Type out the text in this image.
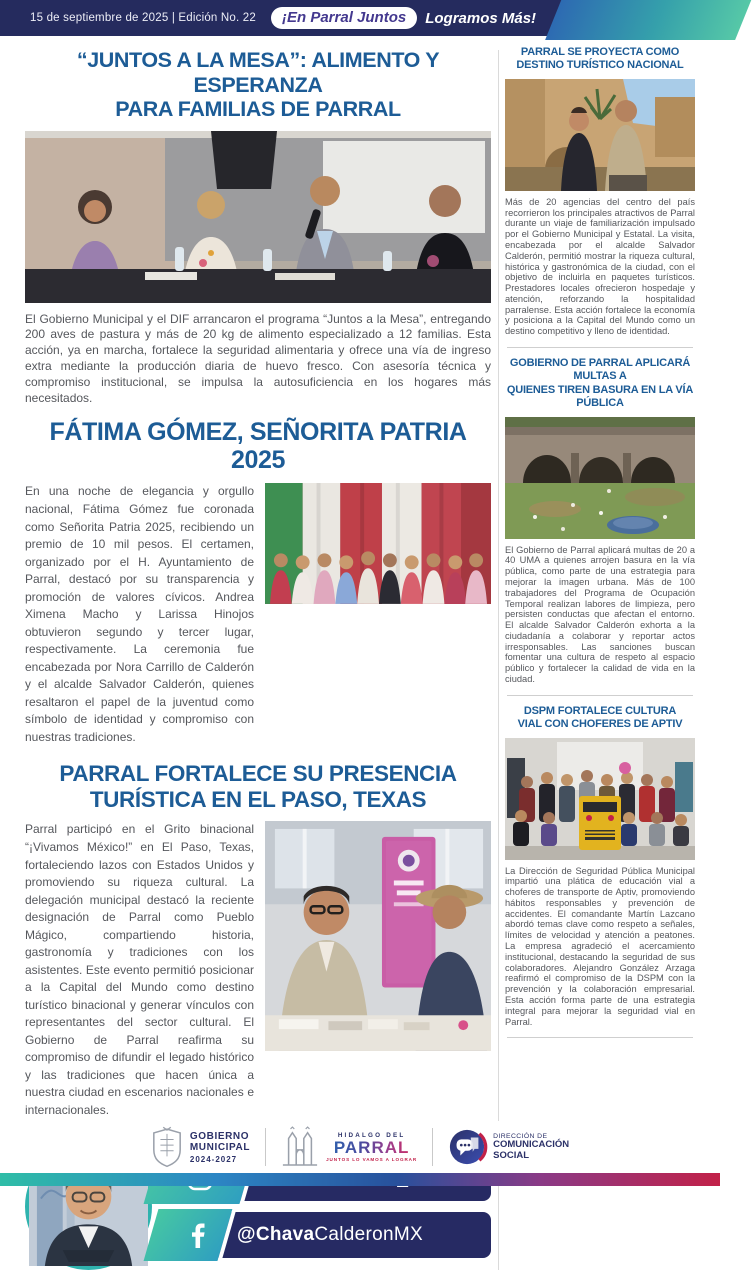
15 de septiembre de 2025 | Edición No. 22	¡En Parral Juntos	Logramos Más!
“JUNTOS A LA MESA”: ALIMENTO Y ESPERANZA
PARA FAMILIAS DE PARRAL

El Gobierno Municipal y el DIF arrancaron el programa “Juntos a la Mesa”, entregando 200 aves de pastura y más de 20 kg de alimento especializado a 12 familias. Esta acción, ya en marcha, fortalece la seguridad alimentaria y ofrece una vía de ingreso extra mediante la producción diaria de huevo fresco. Con asesoría técnica y compromiso institucional, se impulsa la autosuficiencia en los hogares más necesitados.

FÁTIMA GÓMEZ, SEÑORITA PATRIA 2025

En una noche de elegancia y orgullo nacional, Fátima Gómez fue coronada como Señorita Patria 2025, recibiendo un premio de 10 mil pesos. El certamen, organizado por el H. Ayuntamiento de Parral, destacó por su transparencia y promoción de valores cívicos. Andrea Ximena Macho y Larissa Hinojos obtuvieron segundo y tercer lugar, respectivamente. La ceremonia fue encabezada por Nora Carrillo de Calderón y el alcalde Salvador Calderón, quienes resaltaron el papel de la juventud como símbolo de identidad y compromiso con nuestras tradiciones.

PARRAL FORTALECE SU PRESENCIA
TURÍSTICA EN EL PASO, TEXAS

Parral participó en el Grito binacional “¡Vivamos México!” en El Paso, Texas, fortaleciendo lazos con Estados Unidos y promoviendo su riqueza cultural. La delegación municipal destacó la reciente designación de Parral como Pueblo Mágico, compartiendo historia, gastronomía y tradiciones con los asistentes. Este evento permitió posicionar a la Capital del Mundo como destino turístico binacional y generar vínculos con representantes del sector cultural. El Gobierno de Parral reafirma su compromiso de difundir el legado histórico y las tradiciones que hacen única a nuestra ciudad en escenarios nacionales e internacionales.

@ChavaCalderonMX
PARRAL SE PROYECTA COMO
DESTINO TURÍSTICO NACIONAL

Más de 20 agencias del centro del país recorrieron los principales atractivos de Parral durante un viaje de familiarización impulsado por el Gobierno Municipal y Estatal. La visita, encabezada por el alcalde Salvador Calderón, permitió mostrar la riqueza cultural, histórica y gastronómica de la ciudad, con el objetivo de incluirla en paquetes turísticos. Prestadores locales ofrecieron hospedaje y atención, reforzando la hospitalidad parralense. Esta acción fortalece la economía y posiciona a la Capital del Mundo como un destino competitivo y lleno de identidad.

GOBIERNO DE PARRAL APLICARÁ MULTAS A
QUIENES TIREN BASURA EN LA VÍA PÚBLICA

El Gobierno de Parral aplicará multas de 20 a 40 UMA a quienes arrojen basura en la vía pública, como parte de una estrategia para mejorar la imagen urbana. Más de 100 trabajadores del Programa de Ocupación Temporal realizan labores de limpieza, pero persisten conductas que afectan el entorno. El alcalde Salvador Calderón exhorta a la ciudadanía a colaborar y reportar actos irresponsables. Las sanciones buscan fomentar una cultura de respeto al espacio público y fortalecer la calidad de vida en la ciudad.

DSPM FORTALECE CULTURA
VIAL CON CHOFERES DE APTIV

La Dirección de Seguridad Pública Municipal impartió una plática de educación vial a choferes de transporte de Aptiv, promoviendo hábitos responsables y prevención de accidentes. El comandante Martín Lazcano abordó temas clave como respeto a señales, límites de velocidad y atención a peatones. La empresa agradeció el acercamiento institucional, destacando la seguridad de sus colaboradores. Alejandro González Arzaga reafirmó el compromiso de la DSPM con la prevención y la colaboración empresarial. Esta acción forma parte de una estrategia integral para mejorar la seguridad vial en Parral.

GOBIERNO
MUNICIPAL
2024-2027
HIDALGO DEL
PARRAL
JUNTOS LO VAMOS A LOGRAR
DIRECCIÓN DE
COMUNICACIÓN
SOCIAL
